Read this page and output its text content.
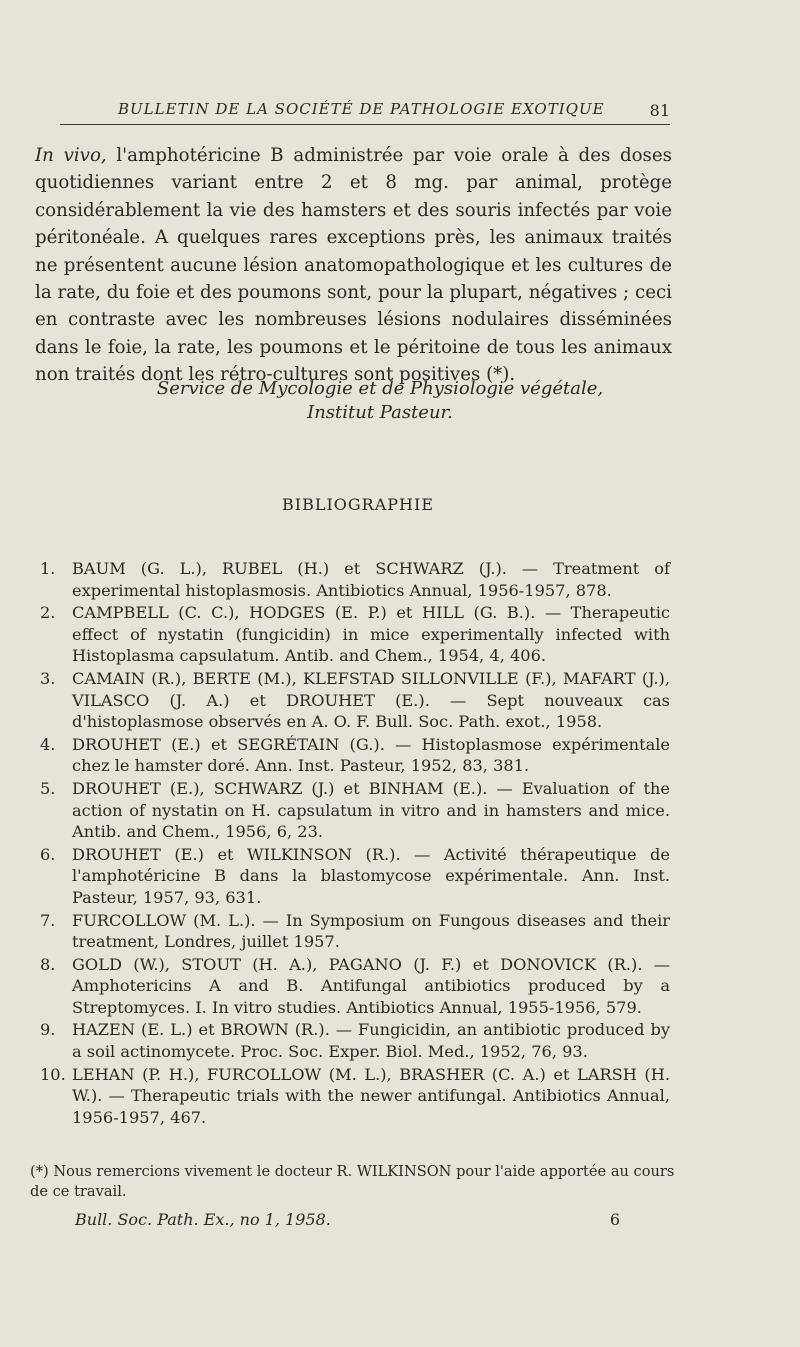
BULLETIN DE LA SOCIÉTÉ DE PATHOLOGIE EXOTIQUE	81
In vivo, l'amphotéricine B administrée par voie orale à des doses quotidiennes variant entre 2 et 8 mg. par animal, protège considérablement la vie des hamsters et des souris infectés par voie péritonéale. A quelques rares exceptions près, les animaux traités ne présentent aucune lésion anatomopathologique et les cultures de la rate, du foie et des poumons sont, pour la plupart, négatives ; ceci en contraste avec les nombreuses lésions nodulaires disséminées dans le foie, la rate, les poumons et le péritoine de tous les animaux non traités dont les rétro-cultures sont positives (*).
Service de Mycologie et de Physiologie végétale,
Institut Pasteur.
BIBLIOGRAPHIE
1.	BAUM (G. L.), RUBEL (H.) et SCHWARZ (J.). — Treatment of experimental histoplasmosis. Antibiotics Annual, 1956-1957, 878.
2.	CAMPBELL (C. C.), HODGES (E. P.) et HILL (G. B.). — Therapeutic effect of nystatin (fungicidin) in mice experimentally infected with Histoplasma capsulatum. Antib. and Chem., 1954, 4, 406.
3.	CAMAIN (R.), BERTE (M.), KLEFSTAD SILLONVILLE (F.), MAFART (J.), VILASCO (J. A.) et DROUHET (E.). — Sept nouveaux cas d'histoplasmose observés en A. O. F. Bull. Soc. Path. exot., 1958.
4.	DROUHET (E.) et SEGRÉTAIN (G.). — Histoplasmose expérimentale chez le hamster doré. Ann. Inst. Pasteur, 1952, 83, 381.
5.	DROUHET (E.), SCHWARZ (J.) et BINHAM (E.). — Evaluation of the action of nystatin on H. capsulatum in vitro and in hamsters and mice. Antib. and Chem., 1956, 6, 23.
6.	DROUHET (E.) et WILKINSON (R.). — Activité thérapeutique de l'amphotéricine B dans la blastomycose expérimentale. Ann. Inst. Pasteur, 1957, 93, 631.
7.	FURCOLLOW (M. L.). — In Symposium on Fungous diseases and their treatment, Londres, juillet 1957.
8.	GOLD (W.), STOUT (H. A.), PAGANO (J. F.) et DONOVICK (R.). — Amphotericins A and B. Antifungal antibiotics produced by a Streptomyces. I. In vitro studies. Antibiotics Annual, 1955-1956, 579.
9.	HAZEN (E. L.) et BROWN (R.). — Fungicidin, an antibiotic produced by a soil actinomycete. Proc. Soc. Exper. Biol. Med., 1952, 76, 93.
10. LEHAN (P. H.), FURCOLLOW (M. L.), BRASHER (C. A.) et LARSH (H. W.). — Therapeutic trials with the newer antifungal. Antibiotics Annual, 1956-1957, 467.
(*) Nous remercions vivement le docteur R. WILKINSON pour l'aide apportée au cours de ce travail.
Bull. Soc. Path. Ex., no 1, 1958.	6
